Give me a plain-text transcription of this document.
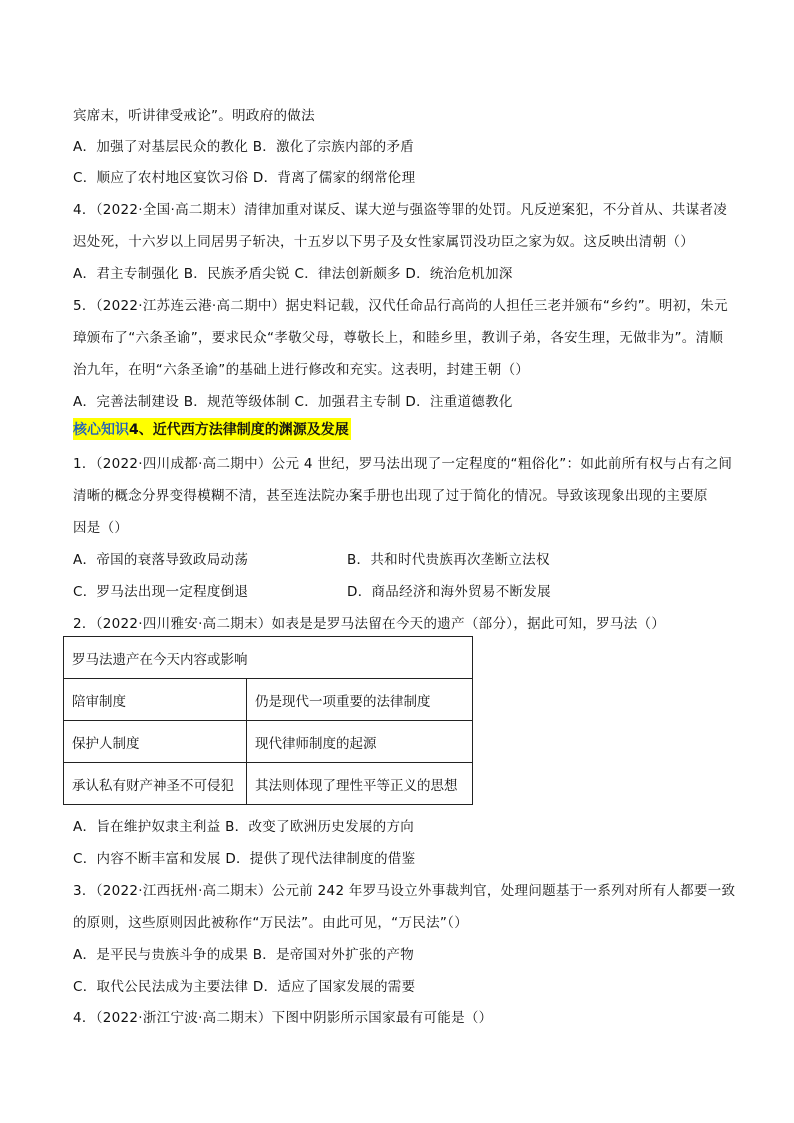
宾席末，听讲律受戒论”。明政府的做法
A．加强了对基层民众的教化 B．激化了宗族内部的矛盾
C．顺应了农村地区宴饮习俗 D．背离了儒家的纲常伦理
4．（2022·全国·高二期末）清律加重对谋反、谋大逆与强盗等罪的处罚。凡反逆案犯，不分首从、共谋者凌
迟处死，十六岁以上同居男子斩决，十五岁以下男子及女性家属罚没功臣之家为奴。这反映出清朝（）
A．君主专制强化 B．民族矛盾尖锐 C．律法创新颇多 D．统治危机加深
5．（2022·江苏连云港·高二期中）据史料记载，汉代任命品行高尚的人担任三老并颁布“乡约”。明初，朱元
璋颁布了“六条圣谕”，要求民众“孝敬父母，尊敬长上，和睦乡里，教训子弟，各安生理，无做非为”。清顺
治九年，在明“六条圣谕”的基础上进行修改和充实。这表明，封建王朝（）
A．完善法制建设 B．规范等级体制 C．加强君主专制 D．注重道德教化
核心知识4、近代西方法律制度的渊源及发展
1．（2022·四川成都·高二期中）公元 4 世纪，罗马法出现了一定程度的“粗俗化”：如此前所有权与占有之间
清晰的概念分界变得模糊不清，甚至连法院办案手册也出现了过于简化的情况。导致该现象出现的主要原
因是（）
A．帝国的衰落导致政局动荡	B．共和时代贵族再次垄断立法权
C．罗马法出现一定程度倒退	D．商品经济和海外贸易不断发展
2．（2022·四川雅安·高二期末）如表是是罗马法留在今天的遗产（部分），据此可知，罗马法（）
罗马法遗产在今天内容或影响	
陪审制度	仍是现代一项重要的法律制度
保护人制度	现代律师制度的起源
承认私有财产神圣不可侵犯	其法则体现了理性平等正义的思想
A．旨在维护奴隶主利益 B．改变了欧洲历史发展的方向
C．内容不断丰富和发展 D．提供了现代法律制度的借鉴
3．（2022·江西抚州·高二期末）公元前 242 年罗马设立外事裁判官，处理问题基于一系列对所有人都要一致
的原则，这些原则因此被称作“万民法”。由此可见，“万民法”（）
A．是平民与贵族斗争的成果 B．是帝国对外扩张的产物
C．取代公民法成为主要法律 D．适应了国家发展的需要
4．（2022·浙江宁波·高二期末）下图中阴影所示国家最有可能是（）
